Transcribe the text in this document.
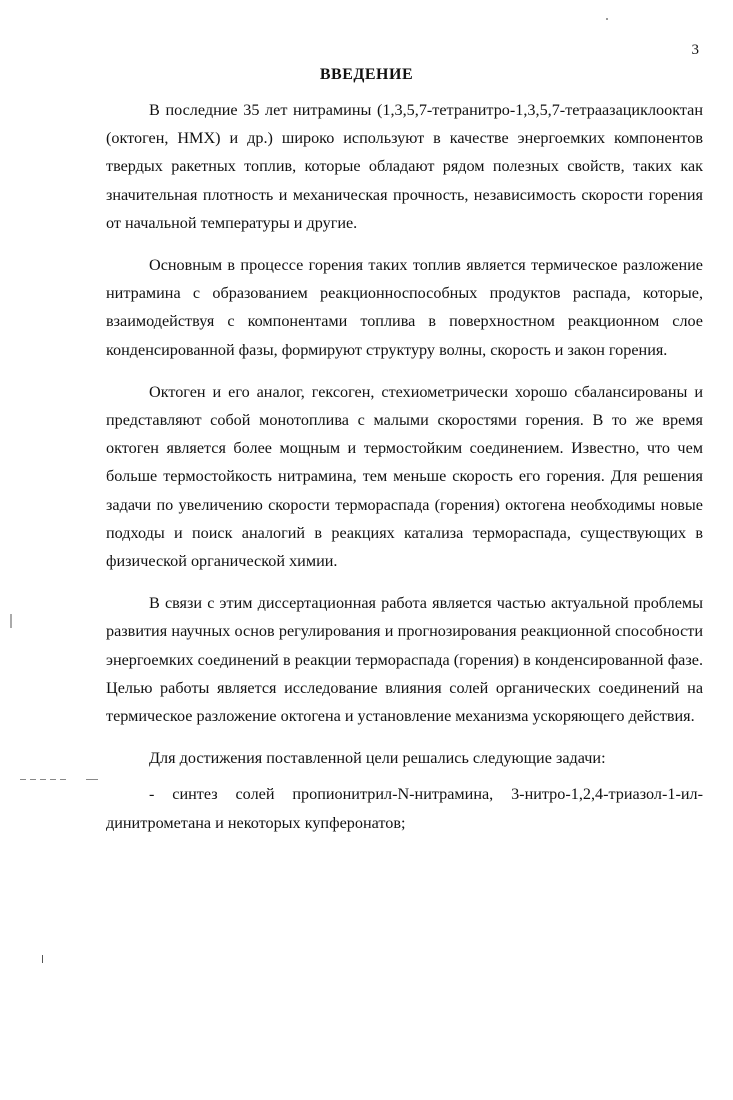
3
ВВЕДЕНИЕ

В последние 35 лет нитрамины (1,3,5,7-тетранитро-1,3,5,7-тетраазациклооктан (октоген, HMX) и др.) широко используют в качестве энергоемких компонентов твердых ракетных топлив, которые обладают рядом полезных свойств, таких как значительная плотность и механическая прочность, независимость скорости горения от начальной температуры и другие.

Основным в процессе горения таких топлив является термическое разложение нитрамина с образованием реакционноспособных продуктов распада, которые, взаимодействуя с компонентами топлива в поверхностном реакционном слое конденсированной фазы, формируют структуру волны, скорость и закон горения.

Октоген и его аналог, гексоген, стехиометрически хорошо сбалансированы и представляют собой монотоплива с малыми скоростями горения. В то же время октоген является более мощным и термостойким соединением. Известно, что чем больше термостойкость нитрамина, тем меньше скорость его горения. Для решения задачи по увеличению скорости терморaспада (горения) октогена необходимы новые подходы и поиск аналогий в реакциях катализа терморaспада, существующих в физической органической химии.

В связи с этим диссертационная работа является частью актуальной проблемы развития научных основ регулирования и прогнозирования реакционной способности энергоемких соединений в реакции терморaспада (горения) в конденсированной фазе. Целью работы является исследование влияния солей органических соединений на термическое разложение октогена и установление механизма ускоряющего действия.

Для достижения поставленной цели решались следующие задачи:

- синтез солей пропионитрил-N-нитрамина, 3-нитро-1,2,4-триазол-1-ил-динитрометана и некоторых купферонатов;
